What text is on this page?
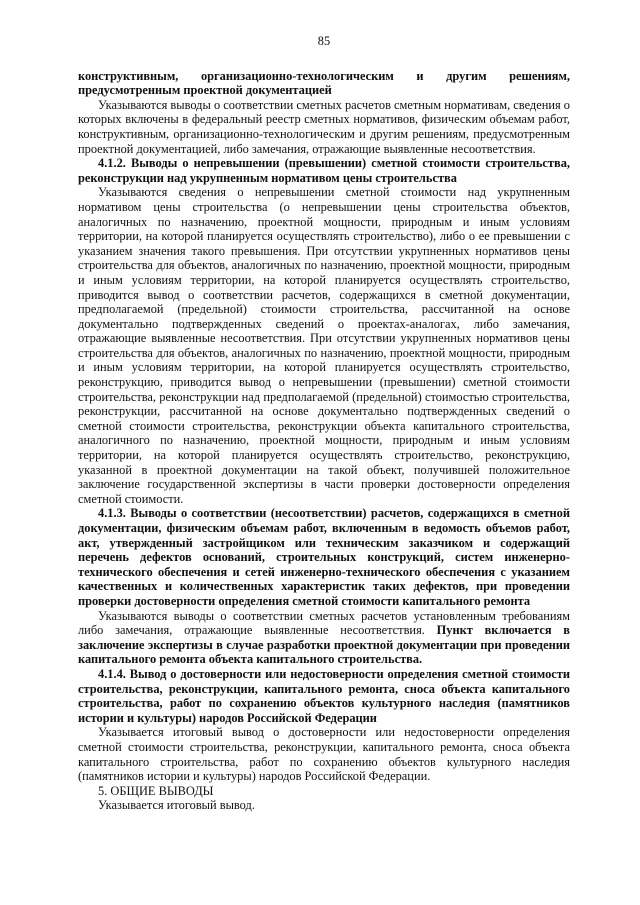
85

конструктивным, организационно-технологическим и другим решениям, предусмотренным проектной документацией

Указываются выводы о соответствии сметных расчетов сметным нормативам, сведения о которых включены в федеральный реестр сметных нормативов, физическим объемам работ, конструктивным, организационно-технологическим и другим решениям, предусмотренным проектной документацией, либо замечания, отражающие выявленные несоответствия.

4.1.2. Выводы о непревышении (превышении) сметной стоимости строительства, реконструкции над укрупненным нормативом цены строительства

Указываются сведения о непревышении сметной стоимости над укрупненным нормативом цены строительства (о непревышении цены строительства объектов, аналогичных по назначению, проектной мощности, природным и иным условиям территории, на которой планируется осуществлять строительство), либо о ее превышении с указанием значения такого превышения. При отсутствии укрупненных нормативов цены строительства для объектов, аналогичных по назначению, проектной мощности, природным и иным условиям территории, на которой планируется осуществлять строительство, приводится вывод о соответствии расчетов, содержащихся в сметной документации, предполагаемой (предельной) стоимости строительства, рассчитанной на основе документально подтвержденных сведений о проектах-аналогах, либо замечания, отражающие выявленные несоответствия. При отсутствии укрупненных нормативов цены строительства для объектов, аналогичных по назначению, проектной мощности, природным и иным условиям территории, на которой планируется осуществлять строительство, реконструкцию, приводится вывод о непревышении (превышении) сметной стоимости строительства, реконструкции над предполагаемой (предельной) стоимостью строительства, реконструкции, рассчитанной на основе документально подтвержденных сведений о сметной стоимости строительства, реконструкции объекта капитального строительства, аналогичного по назначению, проектной мощности, природным и иным условиям территории, на которой планируется осуществлять строительство, реконструкцию, указанной в проектной документации на такой объект, получившей положительное заключение государственной экспертизы в части проверки достоверности определения сметной стоимости.

4.1.3. Выводы о соответствии (несоответствии) расчетов, содержащихся в сметной документации, физическим объемам работ, включенным в ведомость объемов работ, акт, утвержденный застройщиком или техническим заказчиком и содержащий перечень дефектов оснований, строительных конструкций, систем инженерно-технического обеспечения и сетей инженерно-технического обеспечения с указанием качественных и количественных характеристик таких дефектов, при проведении проверки достоверности определения сметной стоимости капитального ремонта

Указываются выводы о соответствии сметных расчетов установленным требованиям либо замечания, отражающие выявленные несоответствия. Пункт включается в заключение экспертизы в случае разработки проектной документации при проведении капитального ремонта объекта капитального строительства.

4.1.4. Вывод о достоверности или недостоверности определения сметной стоимости строительства, реконструкции, капитального ремонта, сноса объекта капитального строительства, работ по сохранению объектов культурного наследия (памятников истории и культуры) народов Российской Федерации

Указывается итоговый вывод о достоверности или недостоверности определения сметной стоимости строительства, реконструкции, капитального ремонта, сноса объекта капитального строительства, работ по сохранению объектов культурного наследия (памятников истории и культуры) народов Российской Федерации.

5. ОБЩИЕ ВЫВОДЫ

Указывается итоговый вывод.
